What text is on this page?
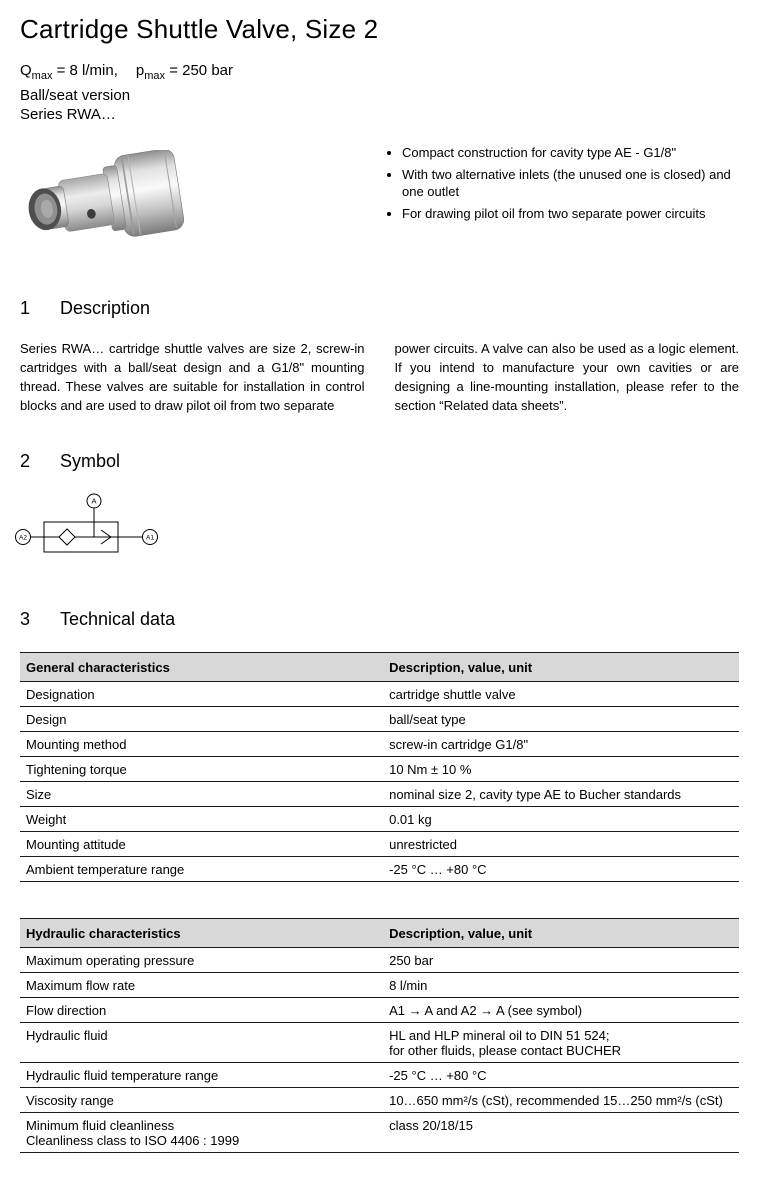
Cartridge Shuttle Valve, Size 2
$Q_{max} = 8$ l/min, $p_{max} = 250$ bar
Ball/seat version
Series RWA…
• Compact construction for cavity type AE - G1/8"
• With two alternative inlets (the unused one is closed) and one outlet
• For drawing pilot oil from two separate power circuits
1	Description
Series RWA… cartridge shuttle valves are size 2, screw-in cartridges with a ball/seat design and a G1/8" mounting thread. These valves are suitable for installation in control blocks and are used to draw pilot oil from two separate
power circuits. A valve can also be used as a logic element. If you intend to manufacture your own cavities or are designing a line-mounting installation, please refer to the section “Related data sheets”.
2	Symbol
A
A2	A1
3	Technical data
General characteristics	Description, value, unit
Designation	cartridge shuttle valve
Design	ball/seat type
Mounting method	screw-in cartridge G1/8"
Tightening torque	10 Nm ± 10 %
Size	nominal size 2, cavity type AE to Bucher standards
Weight	0.01 kg
Mounting attitude	unrestricted
Ambient temperature range	-25 °C … +80 °C
Hydraulic characteristics	Description, value, unit
Maximum operating pressure	250 bar
Maximum flow rate	8 l/min
Flow direction	A1 → A and A2 → A (see symbol)
Hydraulic fluid	HL and HLP mineral oil to DIN 51 524;
for other fluids, please contact BUCHER
Hydraulic fluid temperature range	-25 °C … +80 °C
Viscosity range	10…650 mm²/s (cSt), recommended 15…250 mm²/s (cSt)
Minimum fluid cleanliness
Cleanliness class to ISO 4406 : 1999	class 20/18/15
